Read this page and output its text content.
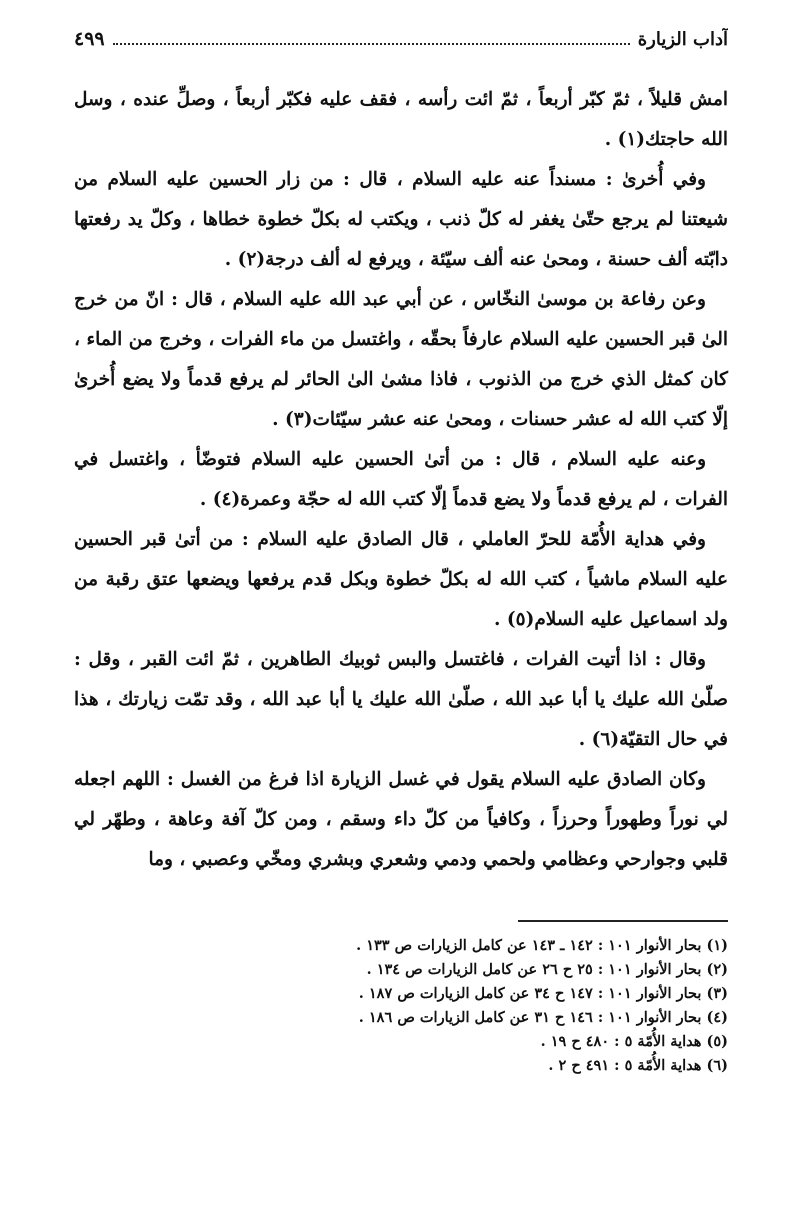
آداب الزيارة
٤٩٩

امش قليلاً ، ثمّ كبّر أربعاً ، ثمّ ائت رأسه ، فقف عليه فكبّر أربعاً ، وصلِّ عنده ، وسل الله حاجتك(١) .

وفي أُخرىٰ : مسنداً عنه عليه السلام ، قال : من زار الحسين عليه السلام من شيعتنا لم يرجع حتّىٰ يغفر له كلّ ذنب ، ويكتب له بكلّ خطوة خطاها ، وكلّ يد رفعتها دابّته ألف حسنة ، ومحىٰ عنه ألف سيّئة ، ويرفع له ألف درجة(٢) .

وعن رفاعة بن موسىٰ النخّاس ، عن أبي عبد الله عليه السلام ، قال : انّ من خرج الىٰ قبر الحسين عليه السلام عارفاً بحقّه ، واغتسل من ماء الفرات ، وخرج من الماء ، كان كمثل الذي خرج من الذنوب ، فاذا مشىٰ الىٰ الحائر لم يرفع قدماً ولا يضع أُخرىٰ إلّا كتب الله له عشر حسنات ، ومحىٰ عنه عشر سيّئات(٣) .

وعنه عليه السلام ، قال : من أتىٰ الحسين عليه السلام فتوضّأ ، واغتسل في الفرات ، لم يرفع قدماً ولا يضع قدماً إلّا كتب الله له حجّة وعمرة(٤) .

وفي هداية الأُمّة للحرّ العاملي ، قال الصادق عليه السلام : من أتىٰ قبر الحسين عليه السلام ماشياً ، كتب الله له بكلّ خطوة وبكل قدم يرفعها ويضعها عتق رقبة من ولد اسماعيل عليه السلام(٥) .

وقال : اذا أتيت الفرات ، فاغتسل والبس ثوبيك الطاهرين ، ثمّ ائت القبر ، وقل : صلّىٰ الله عليك يا أبا عبد الله ، صلّىٰ الله عليك يا أبا عبد الله ، وقد تمّت زيارتك ، هذا في حال التقيّة(٦) .

وكان الصادق عليه السلام يقول في غسل الزيارة اذا فرغ من الغسل : اللهم اجعله لي نوراً وطهوراً وحرزاً ، وكافياً من كلّ داء وسقم ، ومن كلّ آفة وعاهة ، وطهّر لي قلبي وجوارحي وعظامي ولحمي ودمي وشعري وبشري ومخّي وعصبي ، وما

(١) بحار الأنوار ١٠١ : ١٤٢ ـ ١٤٣ عن كامل الزيارات ص ١٣٣ .
(٢) بحار الأنوار ١٠١ : ٢٥ ح ٢٦ عن كامل الزيارات ص ١٣٤ .
(٣) بحار الأنوار ١٠١ : ١٤٧ ح ٣٤ عن كامل الزيارات ص ١٨٧ .
(٤) بحار الأنوار ١٠١ : ١٤٦ ح ٣١ عن كامل الزيارات ص ١٨٦ .
(٥) هداية الأُمّة ٥ : ٤٨٠ ح ١٩ .
(٦) هداية الأُمّة ٥ : ٤٩١ ح ٢ .
